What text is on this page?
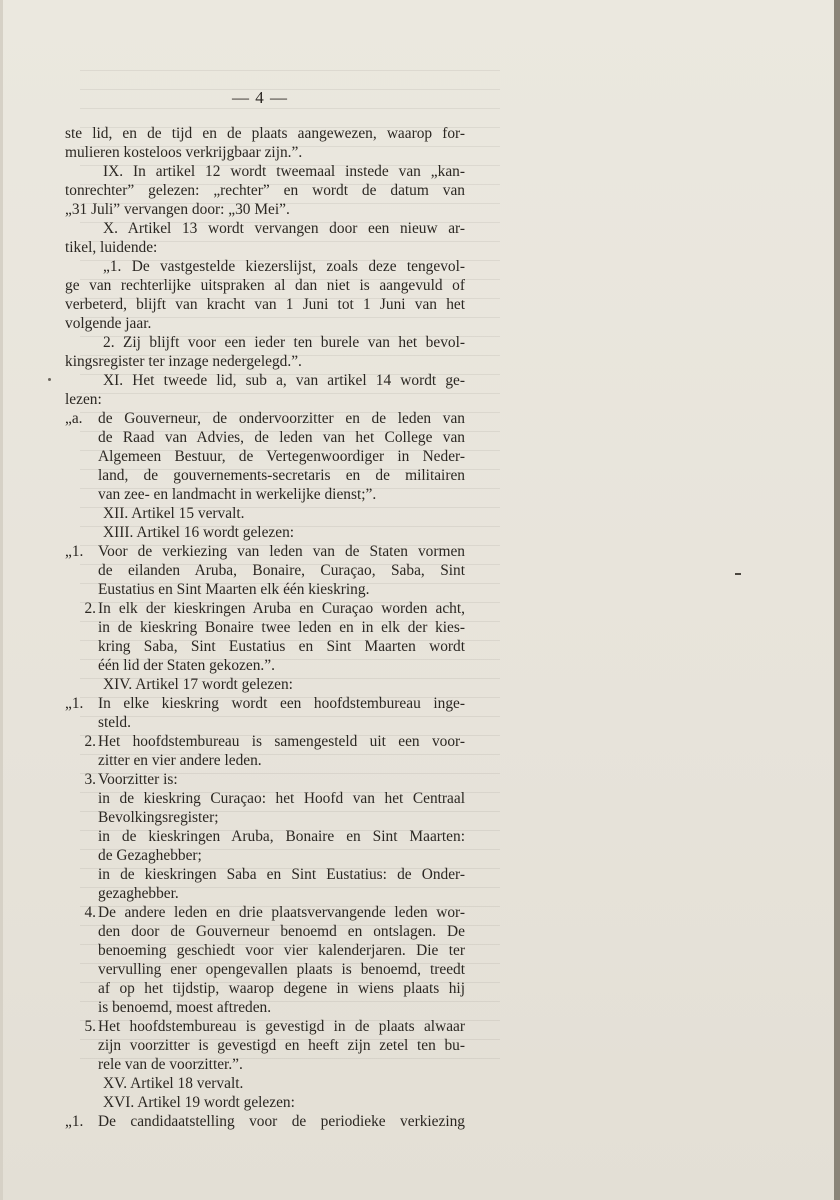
— 4 —
ste lid, en de tijd en de plaats aangewezen, waarop for-
mulieren kosteloos verkrijgbaar zijn.”.
IX. In artikel 12 wordt tweemaal instede van „kan-
tonrechter” gelezen: „rechter” en wordt de datum van
„31 Juli” vervangen door: „30 Mei”.
X. Artikel 13 wordt vervangen door een nieuw ar-
tikel, luidende:
„1. De vastgestelde kiezerslijst, zoals deze tengevol-
ge van rechterlijke uitspraken al dan niet is aangevuld of
verbeterd, blijft van kracht van 1 Juni tot 1 Juni van het
volgende jaar.
2. Zij blijft voor een ieder ten burele van het bevol-
kingsregister ter inzage nedergelegd.”.
XI. Het tweede lid, sub a, van artikel 14 wordt ge-
lezen:
„a.	de Gouverneur, de ondervoorzitter en de leden van
de Raad van Advies, de leden van het College van
Algemeen Bestuur, de Vertegenwoordiger in Neder-
land, de gouvernements-secretaris en de militairen
van zee- en landmacht in werkelijke dienst;”.
XII. Artikel 15 vervalt.
XIII. Artikel 16 wordt gelezen:
„1. Voor de verkiezing van leden van de Staten vormen
de eilanden Aruba, Bonaire, Curaçao, Saba, Sint
Eustatius en Sint Maarten elk één kieskring.
2. In elk der kieskringen Aruba en Curaçao worden acht,
in de kieskring Bonaire twee leden en in elk der kies-
kring Saba, Sint Eustatius en Sint Maarten wordt
één lid der Staten gekozen.”.
XIV. Artikel 17 wordt gelezen:
„1. In elke kieskring wordt een hoofdstembureau inge-
steld.
2. Het hoofdstembureau is samengesteld uit een voor-
zitter en vier andere leden.
3. Voorzitter is:
in de kieskring Curaçao: het Hoofd van het Centraal
Bevolkingsregister;
in de kieskringen Aruba, Bonaire en Sint Maarten:
de Gezaghebber;
in de kieskringen Saba en Sint Eustatius: de Onder-
gezaghebber.
4. De andere leden en drie plaatsvervangende leden wor-
den door de Gouverneur benoemd en ontslagen. De
benoeming geschiedt voor vier kalenderjaren. Die ter
vervulling ener opengevallen plaats is benoemd, treedt
af op het tijdstip, waarop degene in wiens plaats hij
is benoemd, moest aftreden.
5. Het hoofdstembureau is gevestigd in de plaats alwaar
zijn voorzitter is gevestigd en heeft zijn zetel ten bu-
rele van de voorzitter.”.
XV. Artikel 18 vervalt.
XVI. Artikel 19 wordt gelezen:
„1. De candidaatstelling voor de periodieke verkiezing
